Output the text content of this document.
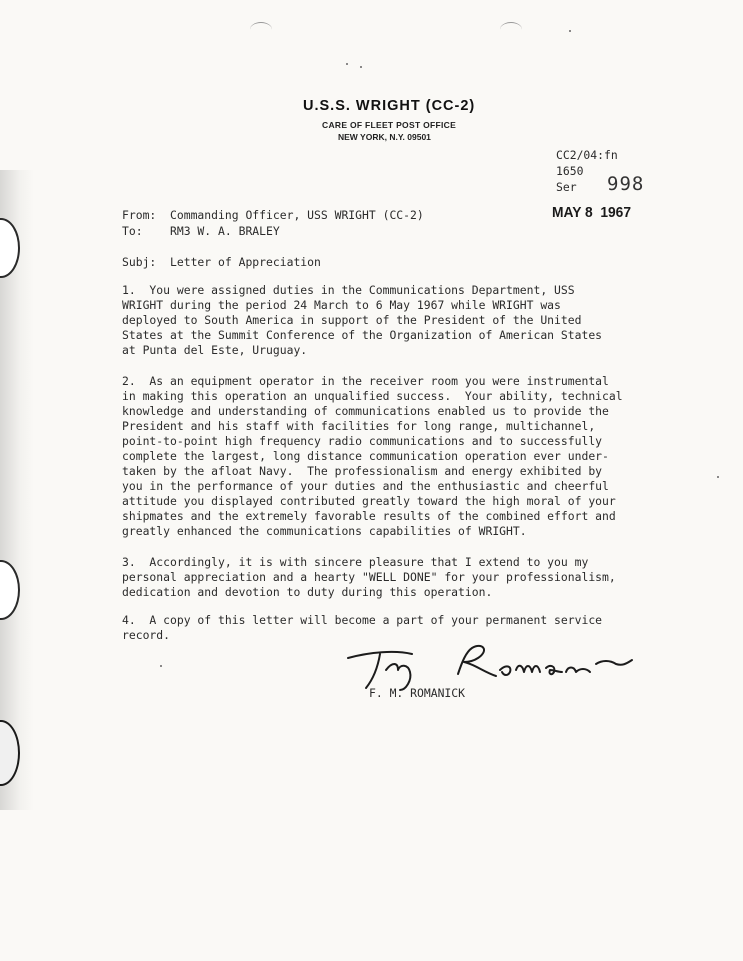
U.S.S. WRIGHT (CC-2)
CARE OF FLEET POST OFFICE
NEW YORK, N.Y. 09501
CC2/04:fn
1650
Ser 998
MAY 8  1967
From:  Commanding Officer, USS WRIGHT (CC-2)
To:    RM3 W. A. BRALEY
Subj:  Letter of Appreciation
1.  You were assigned duties in the Communications Department, USS
WRIGHT during the period 24 March to 6 May 1967 while WRIGHT was
deployed to South America in support of the President of the United
States at the Summit Conference of the Organization of American States
at Punta del Este, Uruguay.
2.  As an equipment operator in the receiver room you were instrumental
in making this operation an unqualified success.  Your ability, technical
knowledge and understanding of communications enabled us to provide the
President and his staff with facilities for long range, multichannel,
point-to-point high frequency radio communications and to successfully
complete the largest, long distance communication operation ever under-
taken by the afloat Navy.  The professionalism and energy exhibited by
you in the performance of your duties and the enthusiastic and cheerful
attitude you displayed contributed greatly toward the high moral of your
shipmates and the extremely favorable results of the combined effort and
greatly enhanced the communications capabilities of WRIGHT.
3.  Accordingly, it is with sincere pleasure that I extend to you my
personal appreciation and a hearty "WELL DONE" for your professionalism,
dedication and devotion to duty during this operation.
4.  A copy of this letter will become a part of your permanent service
record.
F. M. ROMANICK
